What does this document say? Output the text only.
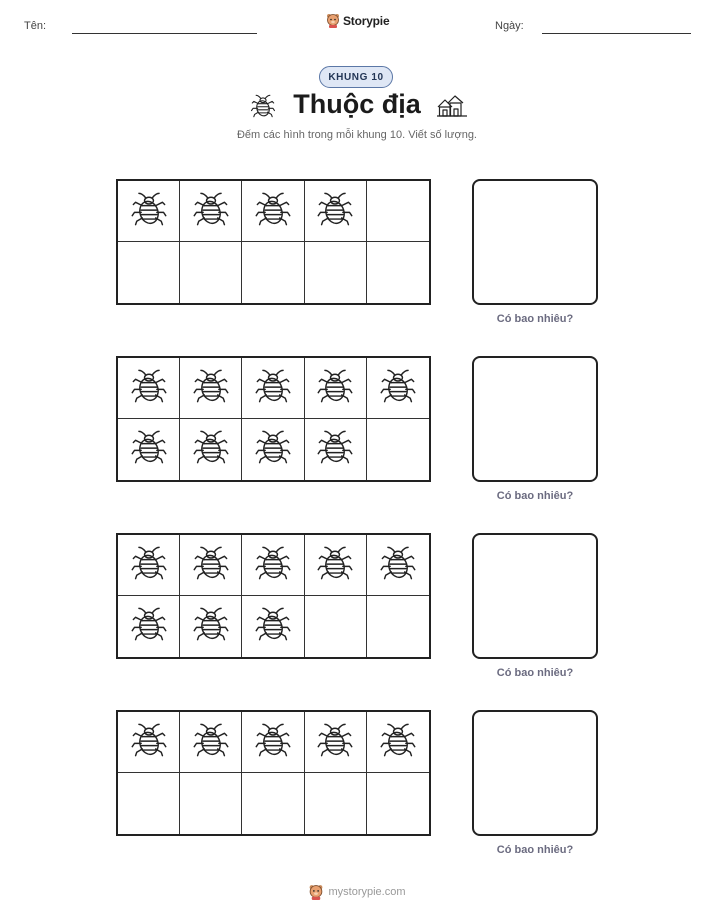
Tên:	Storypie	Ngày:
KHUNG 10
Thuộc địa
Đếm các hình trong mỗi khung 10. Viết số lượng.
Có bao nhiêu?
Có bao nhiêu?
Có bao nhiêu?
Có bao nhiêu?
mystorypie.com
